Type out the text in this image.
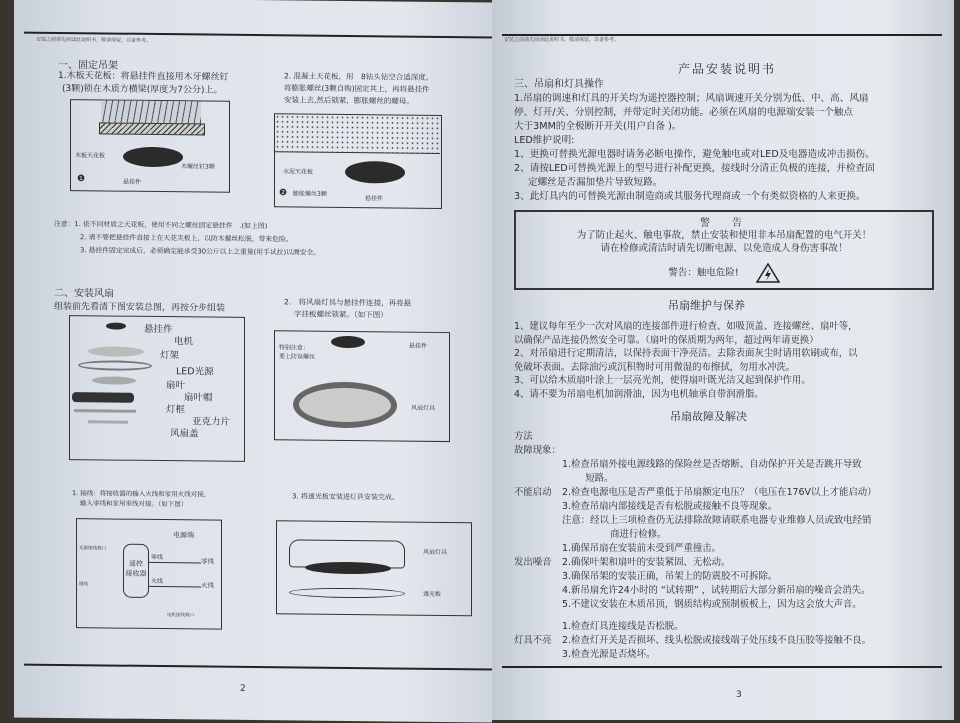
安装之前请先阅读此说明书，敬请保留，以备参考。
一、固定吊架
1.木板天花板：将悬挂件直接用木牙螺丝钉
(3颗)锁在木质方横梁(厚度为7公分)上。
2. 混凝土天花板，用　8钻头钻空合适深度，
将膨胀螺丝(3颗自购)固定其上，再将悬挂件
安装上去,然后锁紧，膨胀螺丝的螺母。
木板天花板
木螺丝钉3颗
悬挂件
❶
水泥天花板
膨胀螺丝3颗
悬挂件
❷
注意：1. 依不同材质之天花板，使用不同之螺丝固定悬挂件　.(如上图)
2. 请不要把悬挂件直接上在天花夹板上，以防木螺丝松脱，带来危险。
3. 悬挂件固定完成后，必须确定能承受30公斤以上之重量(用手试拉)以测安全。
二、安装风扇
组装前先看清下图安装总图，再按分步组装	2.　将风扇灯具与悬挂件连接，再将悬
字挂板螺丝锁紧。（如下图）
悬挂件
电机
灯架
LED光源
扇叶
扇叶帽
灯框
亚克力片
风扇盖
特别注意：
要上防误螺丝
悬挂件
风扇灯具
1. 接线：将接收器的输入火线和家用火线对接，
输入零线和家用零线对接。（如下图）
3. 将透光板安装进灯具安装完成。
电源端
光源接线端口
地线
遥控
接收器
零线
火线
零线
火线
电机接线端口
风扇灯具
透光板
2
安装之前请先阅读此说明书，敬请保留，以备参考。
产品安装说明书
三、吊扇和灯具操作
1.吊扇的调速和灯具的开关均为遥控器控制；风扇调速开关分别为低、中、高、风扇
停、灯开/关、分别控制，并带定时关闭功能。必须在风扇的电源端安装一个触点
大于3MM的全极断开开关(用户自备 )。
LED维护说明:
1、更换可替换光源电器时请务必断电操作，避免触电或对LED及电器造成冲击损伤。
2、请按LED可替换光源上的型号进行补配更换，接线时分清正负极的连接，并检查固
定螺丝是否漏加垫片导致短路。
3、此灯具内的可替换光源由制造商或其服务代理商或一个有类似资格的人来更换。
警　告
为了防止起火、触电事故，禁止安装和使用非本吊扇配置的电气开关！
请在检修或清洁时请先切断电源、以免造成人身伤害事故！
警告：触电危险!
吊扇维护与保养
1、建议每年至少一次对风扇的连接部件进行检查、如吸顶盖、连接螺丝、扇叶等，
以确保产品连接仍然安全可靠。（扇叶的保质期为两年，超过两年请更换）
2、对吊扇进行定期清洁，以保持表面干净亮洁。去除表面灰尘时请用软刷或布，以
免破坏表面。去除油污或沉积物时可用微湿的布擦拭，勿用水冲洗。
3、可以给木质扇叶涂上一层亮光剂，使得扇叶既光洁又起到保护作用。
4、请不要为吊扇电机加润滑油，因为电机轴承自带润滑脂。
吊扇故障及解决
方法
故障现象：
不能启动
1.检查吊扇外接电源线路的保险丝是否熔断、自动保护开关是否跳开导致
　短路。
2.检查电源电压是否严重低于吊扇额定电压？（电压在176V以上才能启动）
3.检查吊扇内部接线是否有松脱或接触不良等现象。
注意：经以上三项检查仍无法排除故障请联系电器专业维修人员或致电经销
　　　商进行检修。
发出噪音
1.确保吊扇在安装前未受到严重撞击。
2.确保叶架和扇叶的安装紧固、无松动。
3.确保吊架的安装正确，吊架上的防震胶不可拆除。
4.新吊扇允许24小时的 “试转期” ，试转期后大部分新吊扇的噪音会消失。
5.不建议安装在木质吊顶，钢质结构或预制板板上，因为这会放大声音。
灯具不亮
1.检查灯具连接线是否松脱。
2.检查灯开关是否损坏、线头松脱或接线端子处压线不良压胶等接触不良。
3.检查光源是否烧坏。
3
